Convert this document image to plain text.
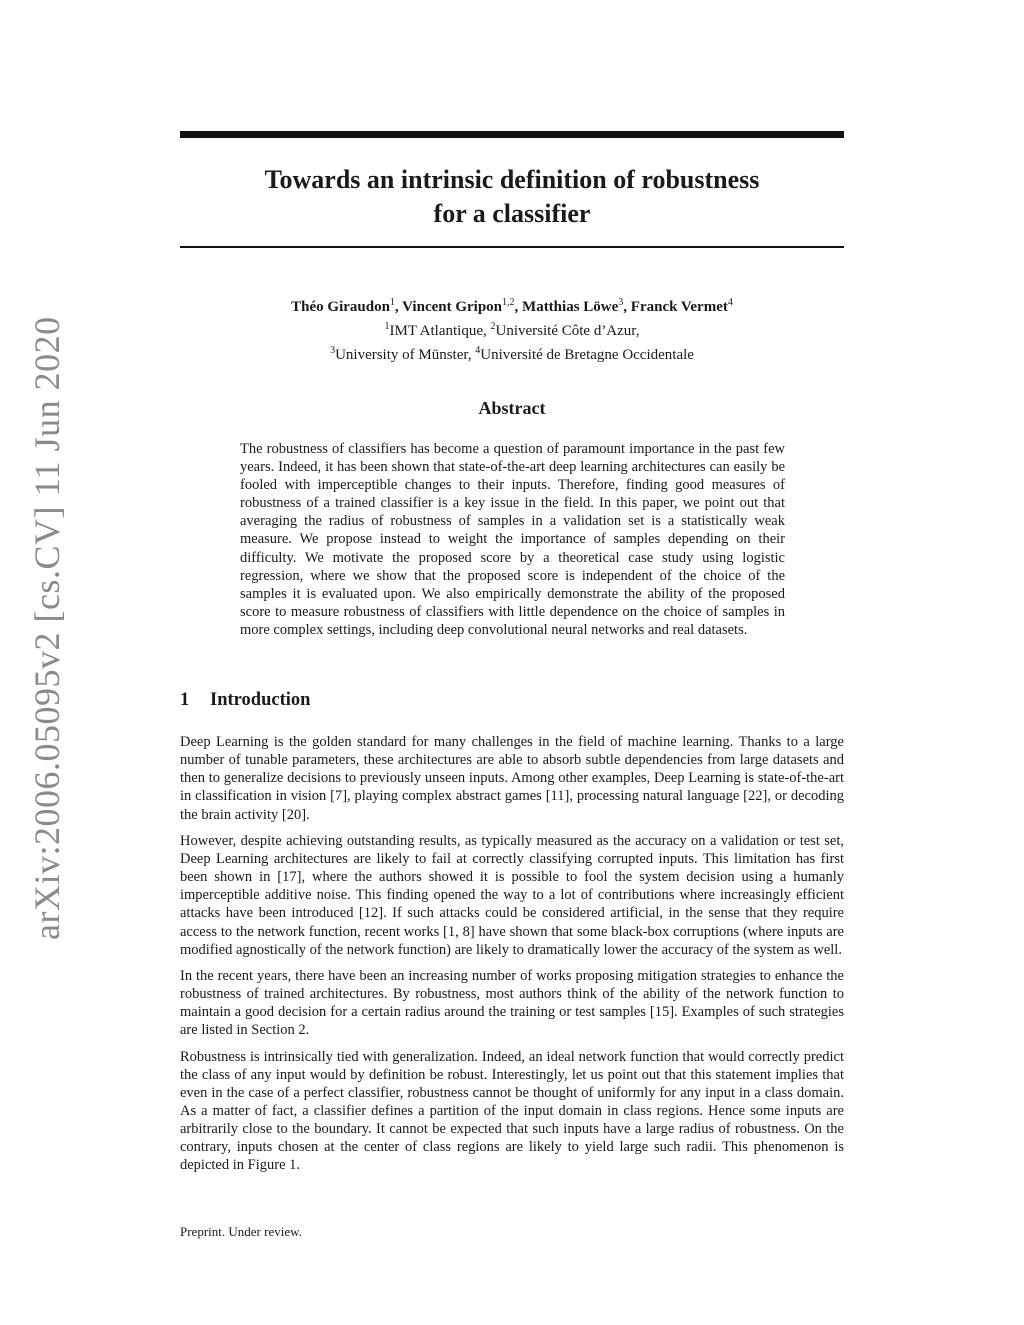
arXiv:2006.05095v2 [cs.CV] 11 Jun 2020
Towards an intrinsic definition of robustness
for a classifier
Théo Giraudon$^1$, Vincent Gripon$^{1,2}$, Matthias Löwe$^3$, Franck Vermet$^4$
$^1$IMT Atlantique, $^2$Université Côte d’Azur,
$^3$University of Münster, $^4$Université de Bretagne Occidentale
Abstract
The robustness of classifiers has become a question of paramount importance in the past few years. Indeed, it has been shown that state-of-the-art deep learning architectures can easily be fooled with imperceptible changes to their inputs. Therefore, finding good measures of robustness of a trained classifier is a key issue in the field. In this paper, we point out that averaging the radius of robustness of samples in a validation set is a statistically weak measure. We propose instead to weight the importance of samples depending on their difficulty. We motivate the proposed score by a theoretical case study using logistic regression, where we show that the proposed score is independent of the choice of the samples it is evaluated upon. We also empirically demonstrate the ability of the proposed score to measure robustness of classifiers with little dependence on the choice of samples in more complex settings, including deep convolutional neural networks and real datasets.
1 Introduction

Deep Learning is the golden standard for many challenges in the field of machine learning. Thanks to a large number of tunable parameters, these architectures are able to absorb subtle dependencies from large datasets and then to generalize decisions to previously unseen inputs. Among other examples, Deep Learning is state-of-the-art in classification in vision [7], playing complex abstract games [11], processing natural language [22], or decoding the brain activity [20].

However, despite achieving outstanding results, as typically measured as the accuracy on a validation or test set, Deep Learning architectures are likely to fail at correctly classifying corrupted inputs. This limitation has first been shown in [17], where the authors showed it is possible to fool the system decision using a humanly imperceptible additive noise. This finding opened the way to a lot of contributions where increasingly efficient attacks have been introduced [12]. If such attacks could be considered artificial, in the sense that they require access to the network function, recent works [1, 8] have shown that some black-box corruptions (where inputs are modified agnostically of the network function) are likely to dramatically lower the accuracy of the system as well.

In the recent years, there have been an increasing number of works proposing mitigation strategies to enhance the robustness of trained architectures. By robustness, most authors think of the ability of the network function to maintain a good decision for a certain radius around the training or test samples [15]. Examples of such strategies are listed in Section 2.

Robustness is intrinsically tied with generalization. Indeed, an ideal network function that would correctly predict the class of any input would by definition be robust. Interestingly, let us point out that this statement implies that even in the case of a perfect classifier, robustness cannot be thought of uniformly for any input in a class domain. As a matter of fact, a classifier defines a partition of the input domain in class regions. Hence some inputs are arbitrarily close to the boundary. It cannot be expected that such inputs have a large radius of robustness. On the contrary, inputs chosen at the center of class regions are likely to yield large such radii. This phenomenon is depicted in Figure 1.

Preprint. Under review.
